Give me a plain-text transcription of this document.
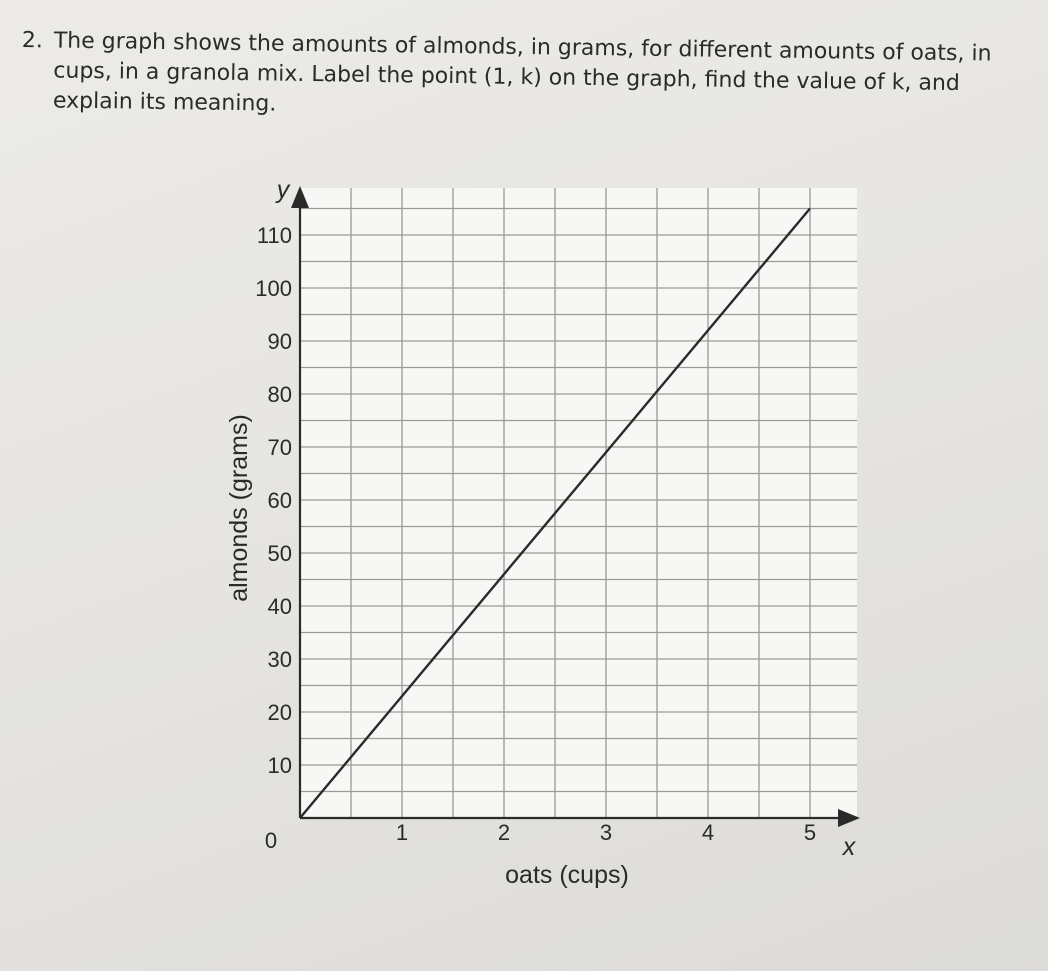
2. The graph shows the amounts of almonds, in grams, for different amounts of oats, in cups, in a granola mix. Label the point (1, k) on the graph, find the value of k, and explain its meaning.
1	2	3	4	5
10
20
30
40
50
60
70
80
90
100
110
y
x
0
oats (cups)
almonds (grams)
